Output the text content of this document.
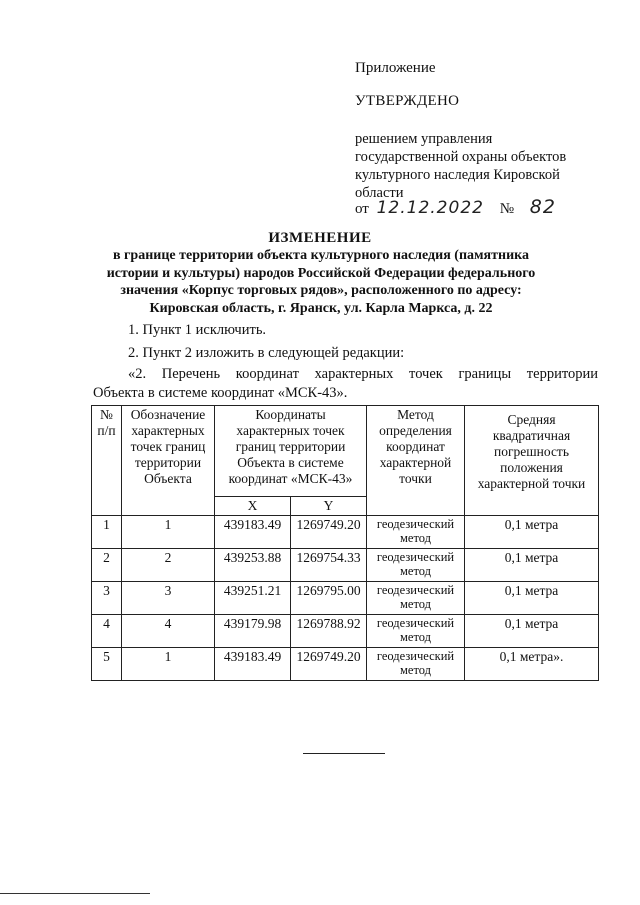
Приложение
УТВЕРЖДЕНО
решением управления
государственной охраны объектов
культурного наследия Кировской
области
от 12.12.2022 № 82
ИЗМЕНЕНИЕ
в границе территории объекта культурного наследия (памятника
истории и культуры) народов Российской Федерации федерального
значения «Корпус торговых рядов», расположенного по адресу:
Кировская область, г. Яранск, ул. Карла Маркса, д. 22
1. Пункт 1 исключить.
2. Пункт 2 изложить в следующей редакции:
«2. Перечень координат характерных точек границы территории
Объекта в системе координат «МСК-43».
№ п/п	Обозначение характерных точек границ территории Объекта	Координаты характерных точек границ территории Объекта в системе координат «МСК-43»		Метод определения координат характерной точки	Средняя квадратичная погрешность положения характерной точки
		X	Y		
1	1	439183.49	1269749.20	геодезический метод	0,1 метра
2	2	439253.88	1269754.33	геодезический метод	0,1 метра
3	3	439251.21	1269795.00	геодезический метод	0,1 метра
4	4	439179.98	1269788.92	геодезический метод	0,1 метра
5	1	439183.49	1269749.20	геодезический метод	0,1 метра».
